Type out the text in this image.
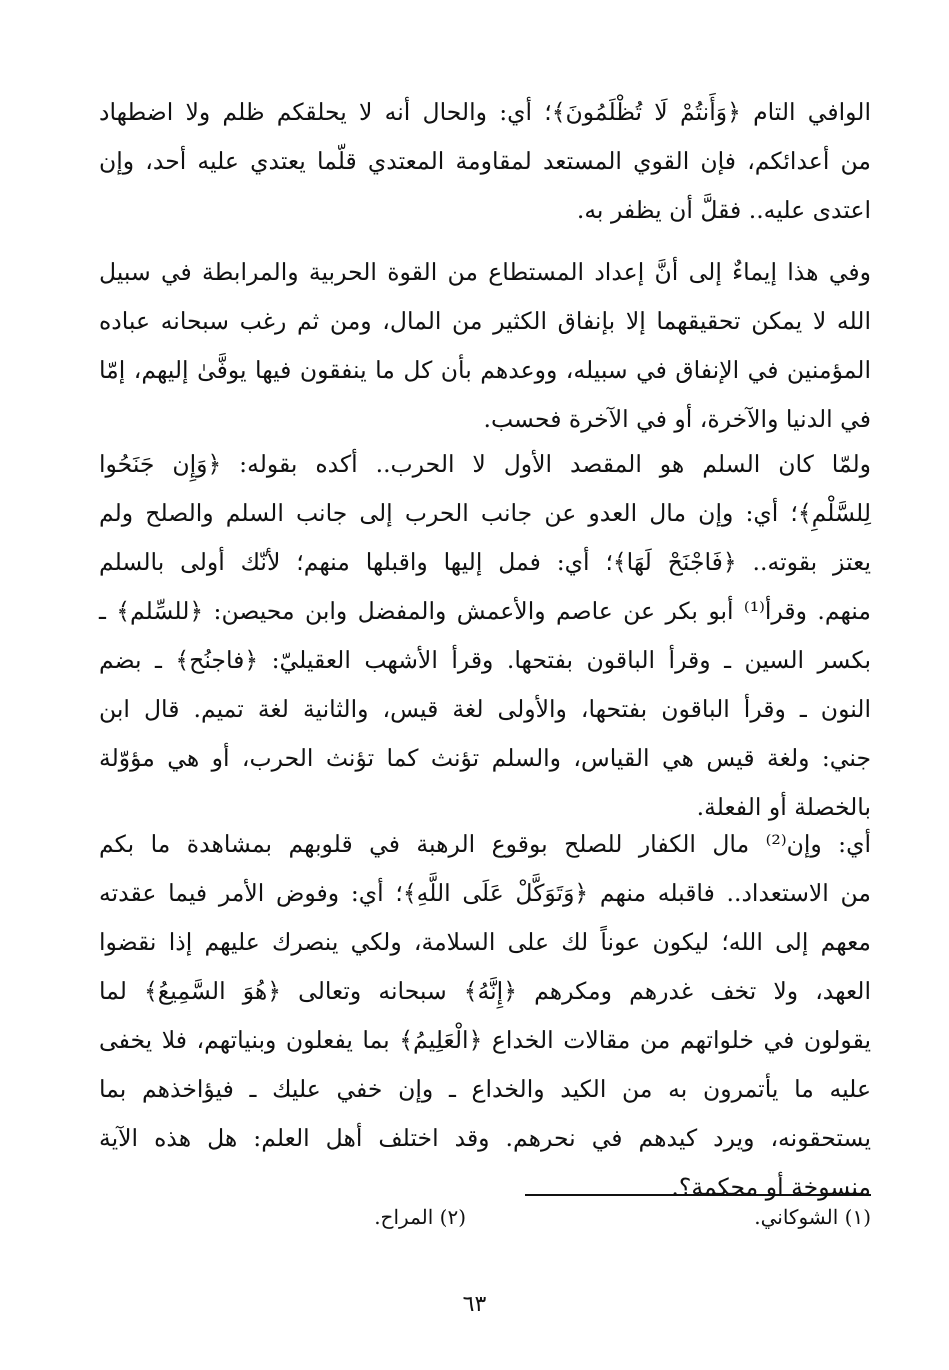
الوافي التام ﴿وَأَنتُمْ لَا تُظْلَمُونَ﴾؛ أي: والحال أنه لا يحلقكم ظلم ولا اضطهاد
من أعدائكم، فإن القوي المستعد لمقاومة المعتدي قلّما يعتدي عليه أحد، وإن
اعتدى عليه.. فقلَّ أن يظفر به.
وفي هذا إيماءٌ إلى أنَّ إعداد المستطاع من القوة الحربية والمرابطة في سبيل
الله لا يمكن تحقيقهما إلا بإنفاق الكثير من المال، ومن ثم رغب سبحانه عباده
المؤمنين في الإنفاق في سبيله، ووعدهم بأن كل ما ينفقون فيها يوفَّىٰ إليهم، إمّا
في الدنيا والآخرة، أو في الآخرة فحسب.
ولمّا كان السلم هو المقصد الأول لا الحرب.. أكده بقوله: ﴿وَإِن جَنَحُوا
لِلسَّلْمِ﴾؛ أي: وإن مال العدو عن جانب الحرب إلى جانب السلم والصلح ولم
يعتز بقوته.. ﴿فَاجْنَحْ لَهَا﴾؛ أي: فمل إليها واقبلها منهم؛ لأنّك أولى بالسلم
منهم. وقرأ⁽¹⁾ أبو بكر عن عاصم والأعمش والمفضل وابن محيصن: ﴿للسِّلم﴾ ـ
بكسر السين ـ وقرأ الباقون بفتحها. وقرأ الأشهب العقيليّ: ﴿فاجنُح﴾ ـ بضم
النون ـ وقرأ الباقون بفتحها، والأولى لغة قيس، والثانية لغة تميم. قال ابن
جني: ولغة قيس هي القياس، والسلم تؤنث كما تؤنث الحرب، أو هي مؤوّلة
بالخصلة أو الفعلة.
أي: وإن⁽²⁾ مال الكفار للصلح بوقوع الرهبة في قلوبهم بمشاهدة ما بكم
من الاستعداد.. فاقبله منهم ﴿وَتَوَكَّلْ عَلَى اللَّهِ﴾؛ أي: وفوض الأمر فيما عقدته
معهم إلى الله؛ ليكون عوناً لك على السلامة، ولكي ينصرك عليهم إذا نقضوا
العهد، ولا تخف غدرهم ومكرهم ﴿إِنَّهُ﴾ سبحانه وتعالى ﴿هُوَ السَّمِيعُ﴾ لما
يقولون في خلواتهم من مقالات الخداع ﴿الْعَلِيمُ﴾ بما يفعلون وبنياتهم، فلا يخفى
عليه ما يأتمرون به من الكيد والخداع ـ وإن خفي عليك ـ فيؤاخذهم بما
يستحقونه، ويرد كيدهم في نحرهم. وقد اختلف أهل العلم: هل هذه الآية
منسوخة أو محكمة؟.
(١) الشوكاني.
(٢) المراح.
٦٣
